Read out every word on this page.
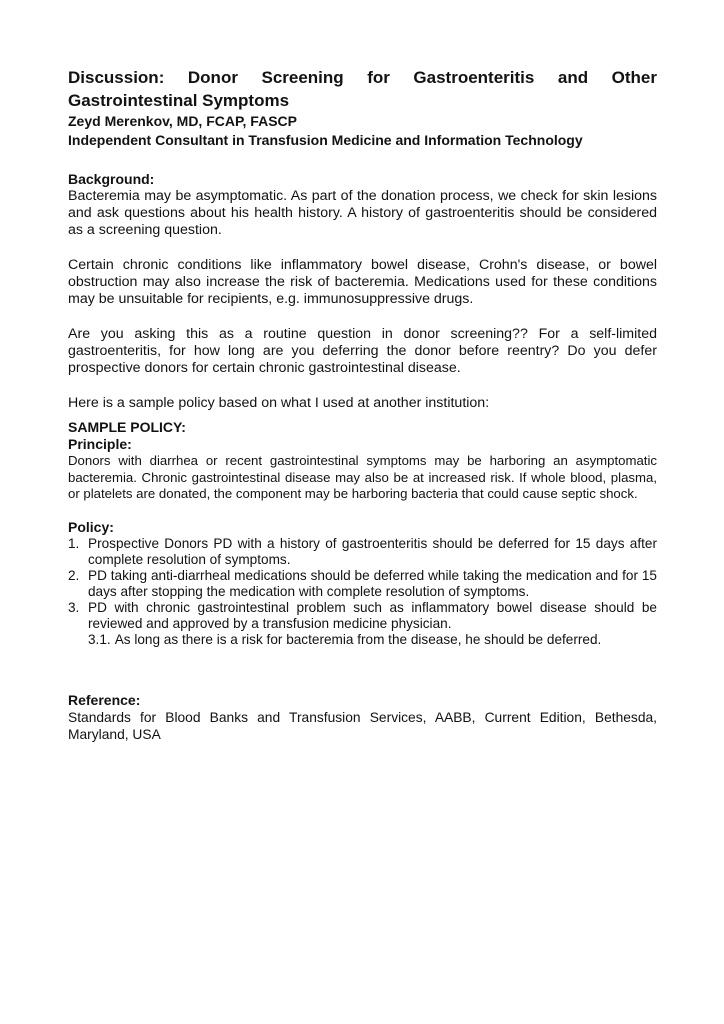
Discussion: Donor Screening for Gastroenteritis and Other Gastrointestinal Symptoms

Zeyd Merenkov, MD, FCAP, FASCP

Independent Consultant in Transfusion Medicine and Information Technology

Background:

Bacteremia may be asymptomatic. As part of the donation process, we check for skin lesions and ask questions about his health history. A history of gastroenteritis should be considered as a screening question.

Certain chronic conditions like inflammatory bowel disease, Crohn's disease, or bowel obstruction may also increase the risk of bacteremia. Medications used for these conditions may be unsuitable for recipients, e.g. immunosuppressive drugs.

Are you asking this as a routine question in donor screening?? For a self-limited gastroenteritis, for how long are you deferring the donor before reentry? Do you defer prospective donors for certain chronic gastrointestinal disease.

Here is a sample policy based on what I used at another institution:

SAMPLE POLICY:
Principle:

Donors with diarrhea or recent gastrointestinal symptoms may be harboring an asymptomatic bacteremia. Chronic gastrointestinal disease may also be at increased risk. If whole blood, plasma, or platelets are donated, the component may be harboring bacteria that could cause septic shock.

Policy:
1. Prospective Donors PD with a history of gastroenteritis should be deferred for 15 days after complete resolution of symptoms.
2. PD taking anti-diarrheal medications should be deferred while taking the medication and for 15 days after stopping the medication with complete resolution of symptoms.
3. PD with chronic gastrointestinal problem such as inflammatory bowel disease should be reviewed and approved by a transfusion medicine physician.
3.1. As long as there is a risk for bacteremia from the disease, he should be deferred.
Reference:

Standards for Blood Banks and Transfusion Services, AABB, Current Edition, Bethesda, Maryland, USA
